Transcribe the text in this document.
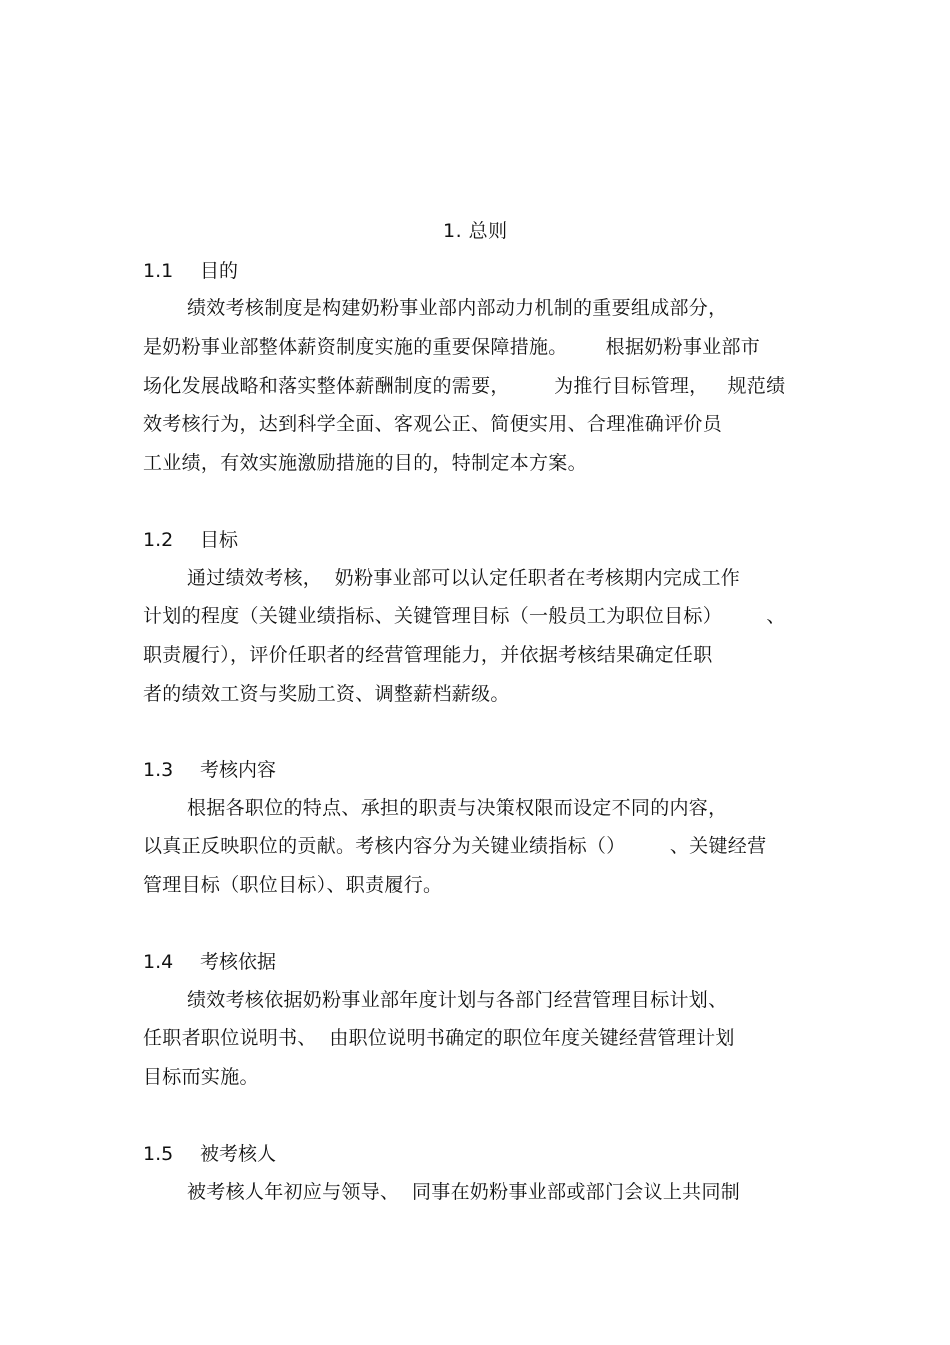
1. 总则
1.1 目的
绩效考核制度是构建奶粉事业部内部动力机制的重要组成部分，
是奶粉事业部整体薪资制度实施的重要保障措施。      根据奶粉事业部市
场化发展战略和落实整体薪酬制度的需要，       为推行目标管理，   规范绩
效考核行为，达到科学全面、客观公正、简便实用、合理准确评价员
工业绩，有效实施激励措施的目的，特制定本方案。
1.2 目标
通过绩效考核，  奶粉事业部可以认定任职者在考核期内完成工作
计划的程度（关键业绩指标、关键管理目标（一般员工为职位目标）       、
职责履行），评价任职者的经营管理能力，并依据考核结果确定任职
者的绩效工资与奖励工资、调整薪档薪级。
1.3 考核内容
根据各职位的特点、承担的职责与决策权限而设定不同的内容，
以真正反映职位的贡献。考核内容分为关键业绩指标（）       、关键经营
管理目标（职位目标）、职责履行。
1.4 考核依据
绩效考核依据奶粉事业部年度计划与各部门经营管理目标计划、
任职者职位说明书、  由职位说明书确定的职位年度关键经营管理计划
目标而实施。
1.5 被考核人
被考核人年初应与领导、  同事在奶粉事业部或部门会议上共同制
